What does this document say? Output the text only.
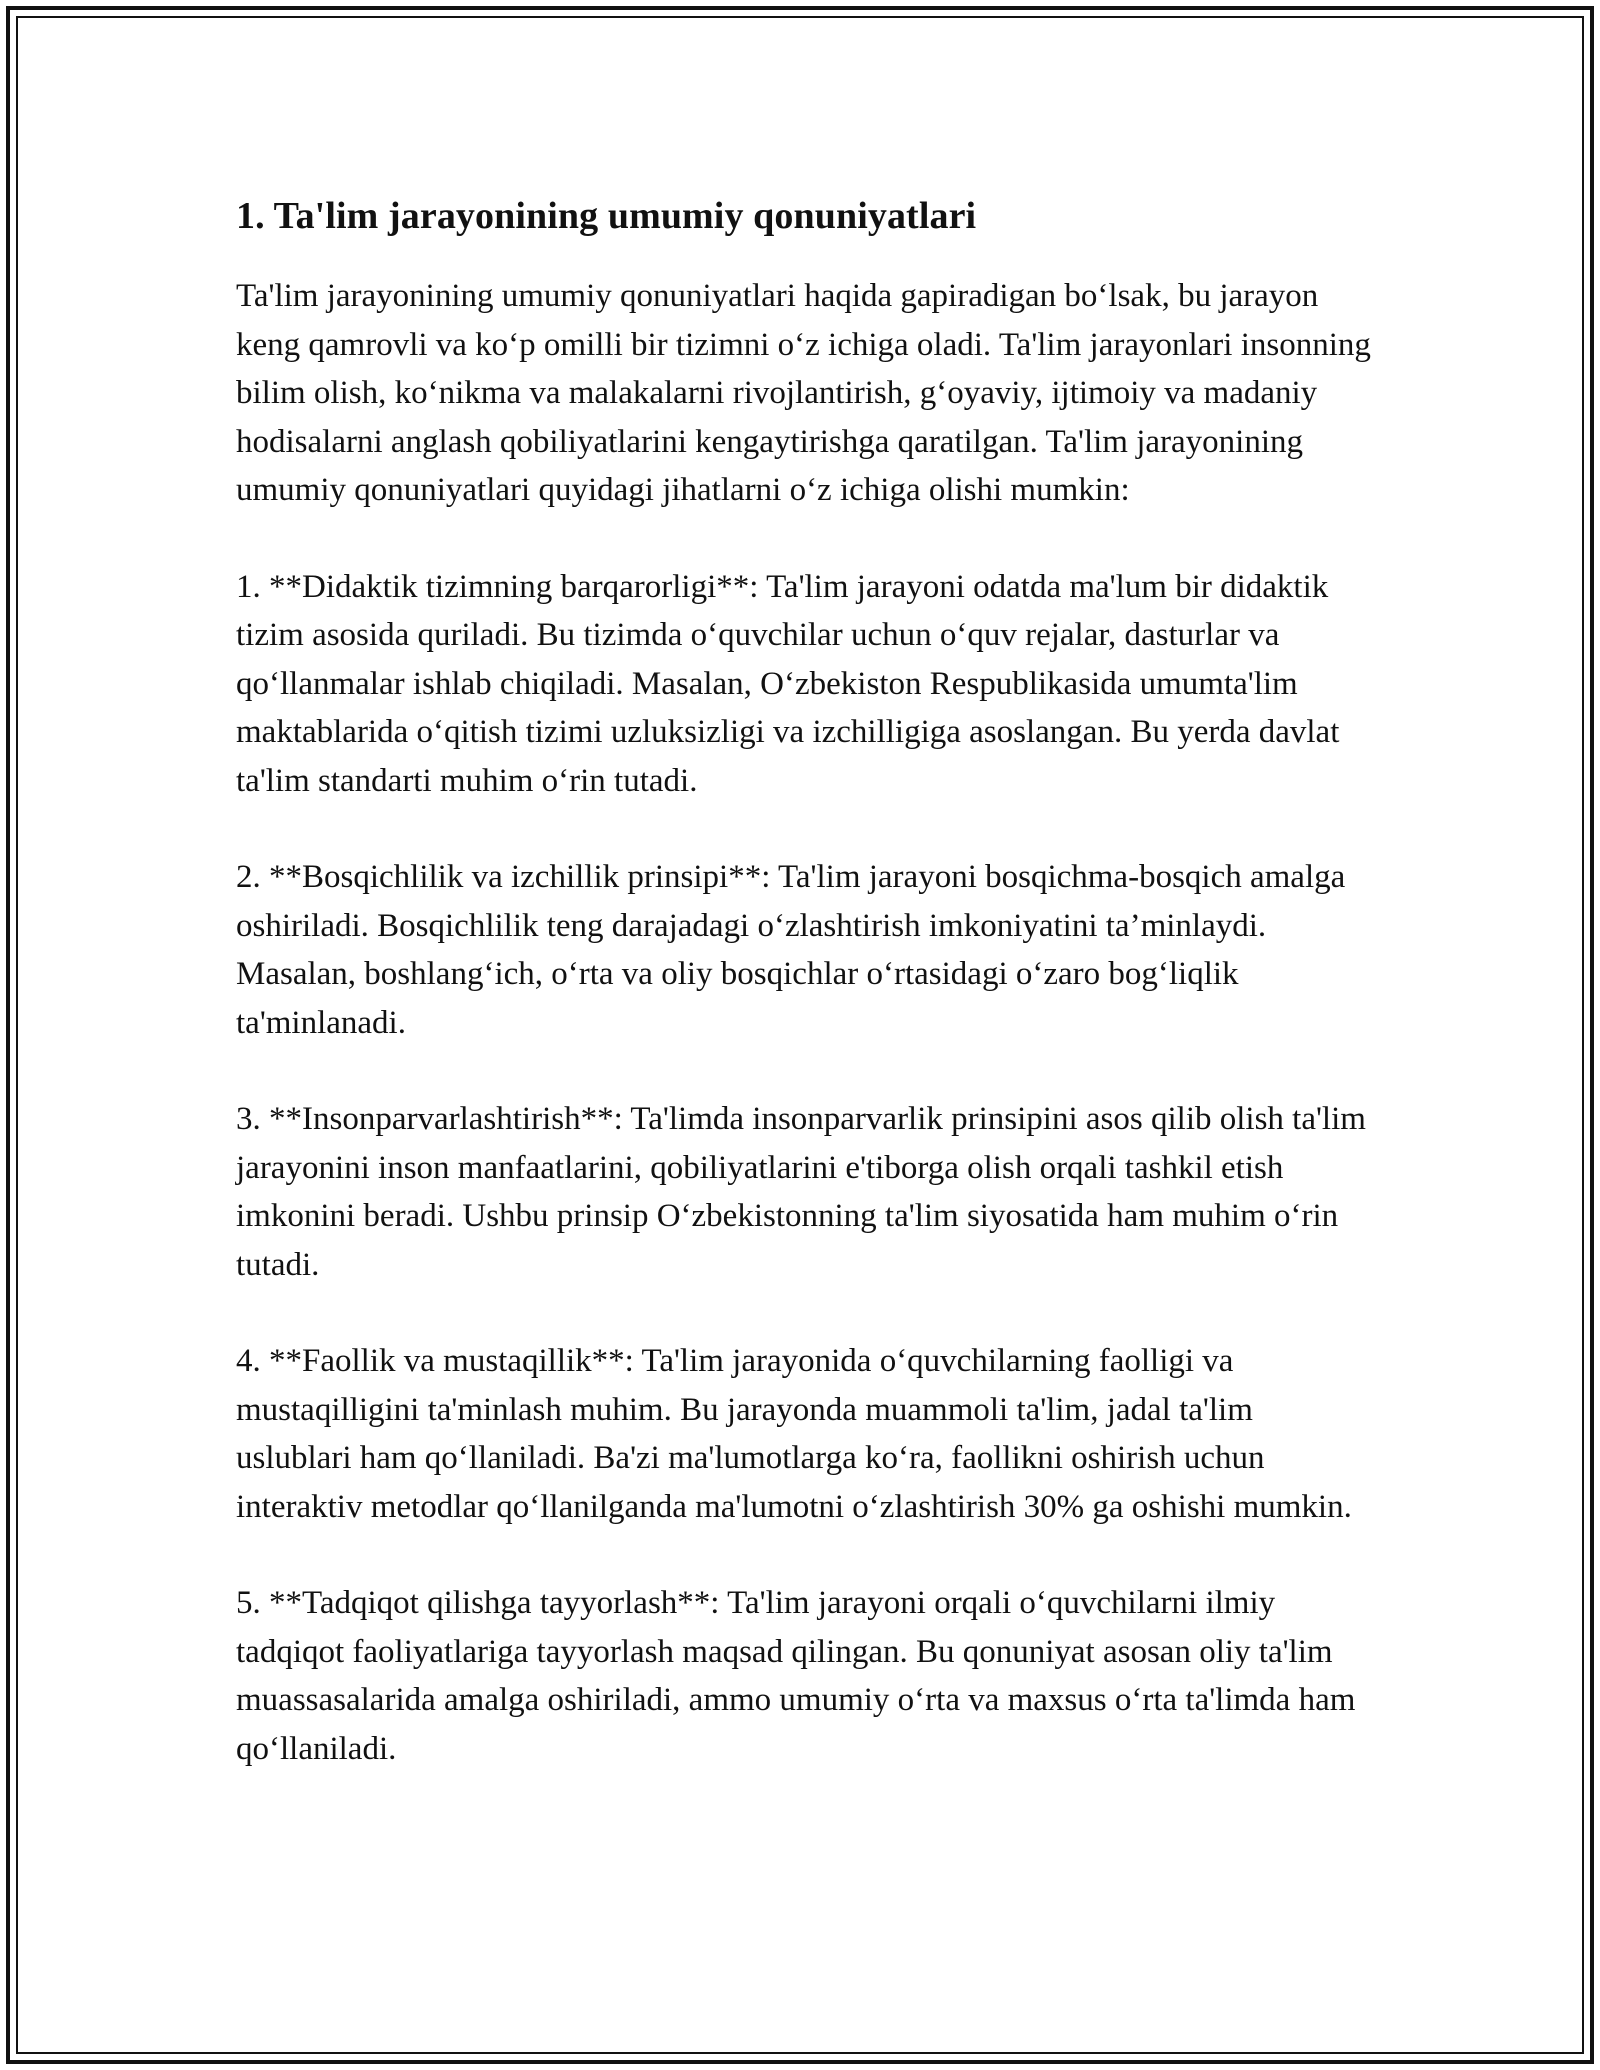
1. Ta'lim jarayonining umumiy qonuniyatlari

Ta'lim jarayonining umumiy qonuniyatlari haqida gapiradigan boʻlsak, bu jarayon keng qamrovli va koʻp omilli bir tizimni oʻz ichiga oladi. Ta'lim jarayonlari insonning bilim olish, koʻnikma va malakalarni rivojlantirish, gʻoyaviy, ijtimoiy va madaniy hodisalarni anglash qobiliyatlarini kengaytirishga qaratilgan. Ta'lim jarayonining umumiy qonuniyatlari quyidagi jihatlarni oʻz ichiga olishi mumkin:

1. **Didaktik tizimning barqarorligi**: Ta'lim jarayoni odatda ma'lum bir didaktik tizim asosida quriladi. Bu tizimda oʻquvchilar uchun oʻquv rejalar, dasturlar va qoʻllanmalar ishlab chiqiladi. Masalan, Oʻzbekiston Respublikasida umumta'lim maktablarida oʻqitish tizimi uzluksizligi va izchilligiga asoslangan. Bu yerda davlat ta'lim standarti muhim oʻrin tutadi.

2. **Bosqichlilik va izchillik prinsipi**: Ta'lim jarayoni bosqichma-bosqich amalga oshiriladi. Bosqichlilik teng darajadagi oʻzlashtirish imkoniyatini ta’minlaydi. Masalan, boshlangʻich, oʻrta va oliy bosqichlar oʻrtasidagi oʻzaro bogʻliqlik ta'minlanadi.

3. **Insonparvarlashtirish**: Ta'limda insonparvarlik prinsipini asos qilib olish ta'lim jarayonini inson manfaatlarini, qobiliyatlarini e'tiborga olish orqali tashkil etish imkonini beradi. Ushbu prinsip Oʻzbekistonning ta'lim siyosatida ham muhim oʻrin tutadi.

4. **Faollik va mustaqillik**: Ta'lim jarayonida oʻquvchilarning faolligi va mustaqilligini ta'minlash muhim. Bu jarayonda muammoli ta'lim, jadal ta'lim uslublari ham qoʻllaniladi. Ba'zi ma'lumotlarga koʻra, faollikni oshirish uchun interaktiv metodlar qoʻllanilganda ma'lumotni oʻzlashtirish 30% ga oshishi mumkin.

5. **Tadqiqot qilishga tayyorlash**: Ta'lim jarayoni orqali oʻquvchilarni ilmiy tadqiqot faoliyatlariga tayyorlash maqsad qilingan. Bu qonuniyat asosan oliy ta'lim muassasalarida amalga oshiriladi, ammo umumiy oʻrta va maxsus oʻrta ta'limda ham qoʻllaniladi.
